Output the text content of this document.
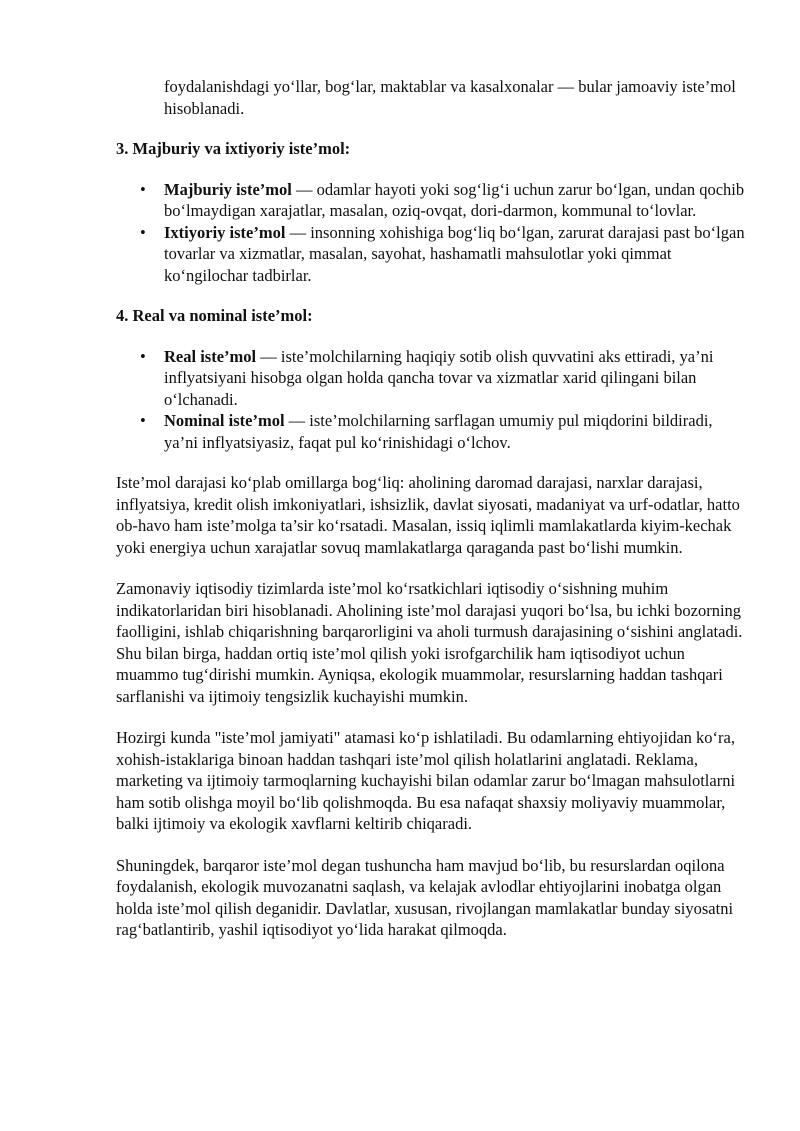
foydalanishdagi yo‘llar, bog‘lar, maktablar va kasalxonalar — bular jamoaviy iste’mol hisoblanadi.

3. Majburiy va ixtiyoriy iste’mol:
• Majburiy iste’mol — odamlar hayoti yoki sog‘lig‘i uchun zarur bo‘lgan, undan qochib bo‘lmaydigan xarajatlar, masalan, oziq-ovqat, dori-darmon, kommunal to‘lovlar.
• Ixtiyoriy iste’mol — insonning xohishiga bog‘liq bo‘lgan, zarurat darajasi past bo‘lgan tovarlar va xizmatlar, masalan, sayohat, hashamatli mahsulotlar yoki qimmat ko‘ngilochar tadbirlar.
4. Real va nominal iste’mol:
• Real iste’mol — iste’molchilarning haqiqiy sotib olish quvvatini aks ettiradi, ya’ni inflyatsiyani hisobga olgan holda qancha tovar va xizmatlar xarid qilingani bilan o‘lchanadi.
• Nominal iste’mol — iste’molchilarning sarflagan umumiy pul miqdorini bildiradi, ya’ni inflyatsiyasiz, faqat pul ko‘rinishidagi o‘lchov.

Iste’mol darajasi ko‘plab omillarga bog‘liq: aholining daromad darajasi, narxlar darajasi, inflyatsiya, kredit olish imkoniyatlari, ishsizlik, davlat siyosati, madaniyat va urf-odatlar, hatto ob-havo ham iste’molga ta’sir ko‘rsatadi. Masalan, issiq iqlimli mamlakatlarda kiyim-kechak yoki energiya uchun xarajatlar sovuq mamlakatlarga qaraganda past bo‘lishi mumkin.

Zamonaviy iqtisodiy tizimlarda iste’mol ko‘rsatkichlari iqtisodiy o‘sishning muhim indikatorlaridan biri hisoblanadi. Aholining iste’mol darajasi yuqori bo‘lsa, bu ichki bozorning faolligini, ishlab chiqarishning barqarorligini va aholi turmush darajasining o‘sishini anglatadi. Shu bilan birga, haddan ortiq iste’mol qilish yoki isrofgarchilik ham iqtisodiyot uchun muammo tug‘dirishi mumkin. Ayniqsa, ekologik muammolar, resurslarning haddan tashqari sarflanishi va ijtimoiy tengsizlik kuchayishi mumkin.

Hozirgi kunda "iste’mol jamiyati" atamasi ko‘p ishlatiladi. Bu odamlarning ehtiyojidan ko‘ra, xohish-istaklariga binoan haddan tashqari iste’mol qilish holatlarini anglatadi. Reklama, marketing va ijtimoiy tarmoqlarning kuchayishi bilan odamlar zarur bo‘lmagan mahsulotlarni ham sotib olishga moyil bo‘lib qolishmoqda. Bu esa nafaqat shaxsiy moliyaviy muammolar, balki ijtimoiy va ekologik xavflarni keltirib chiqaradi.

Shuningdek, barqaror iste’mol degan tushuncha ham mavjud bo‘lib, bu resurslardan oqilona foydalanish, ekologik muvozanatni saqlash, va kelajak avlodlar ehtiyojlarini inobatga olgan holda iste’mol qilish deganidir. Davlatlar, xususan, rivojlangan mamlakatlar bunday siyosatni rag‘batlantirib, yashil iqtisodiyot yo‘lida harakat qilmoqda.
